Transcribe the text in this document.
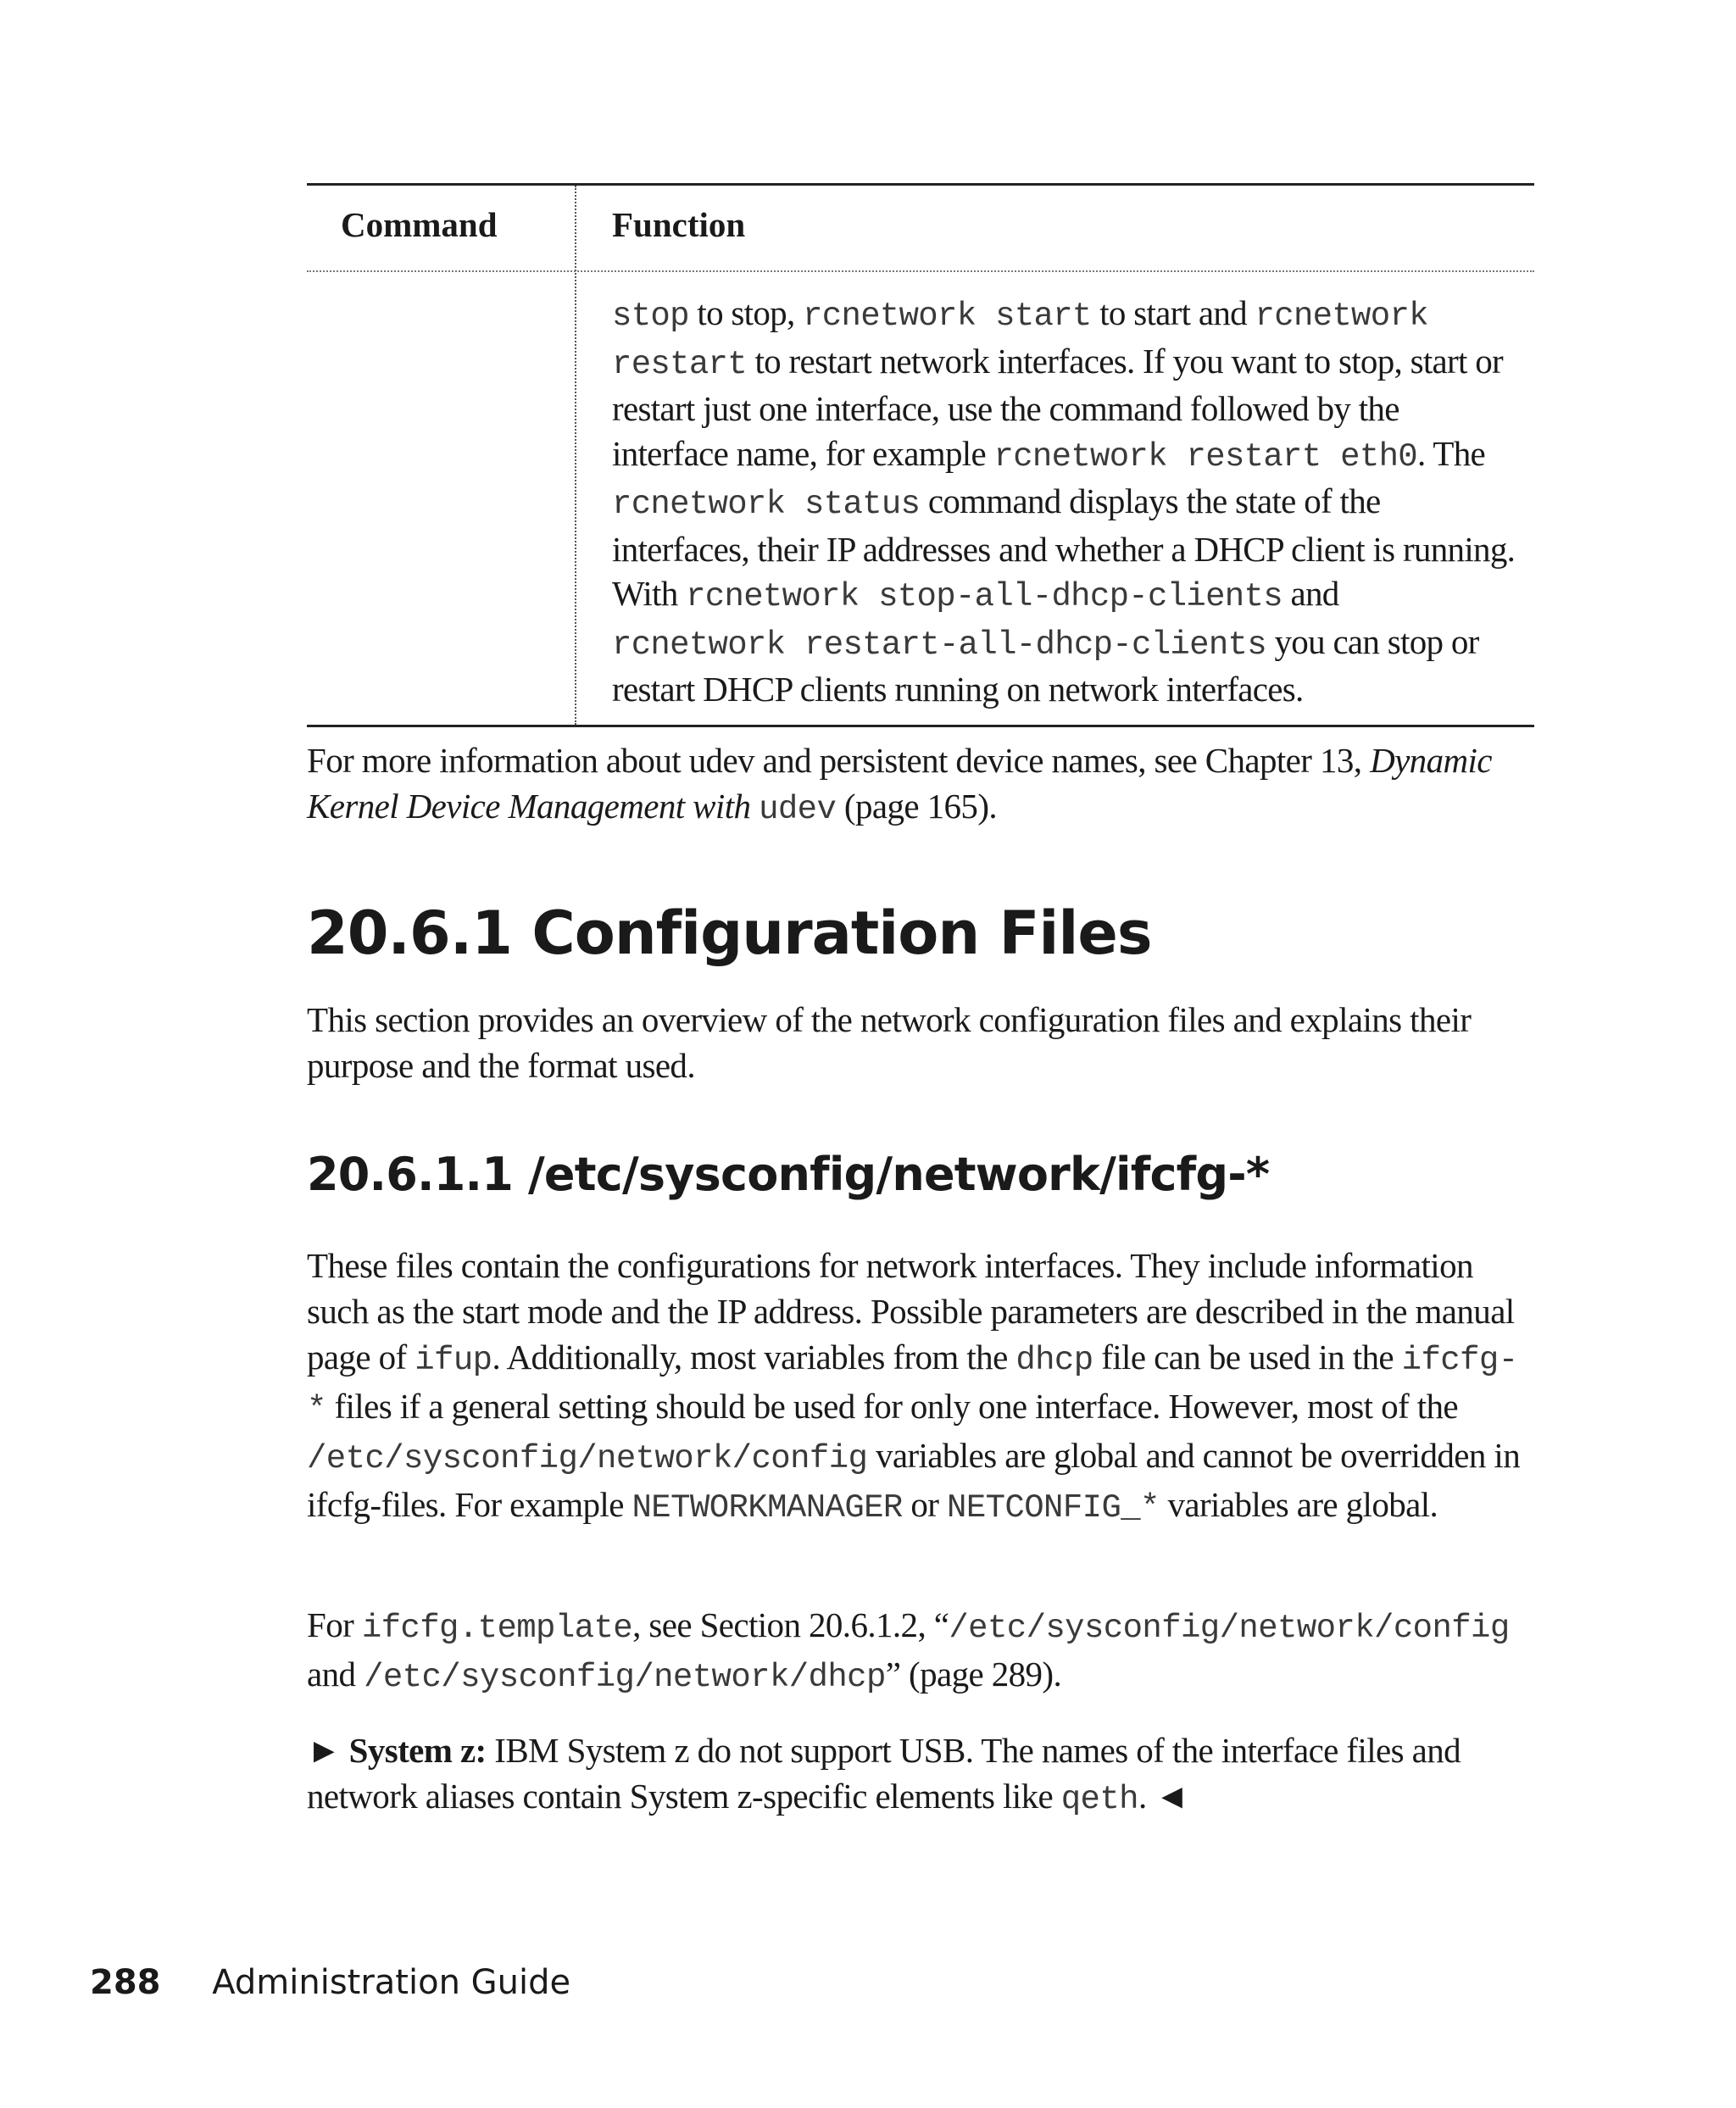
Command	Function
stop to stop, rcnetwork start to start and rcnetwork restart to restart network interfaces. If you want to stop, start or restart just one interface, use the command followed by the interface name, for example rcnetwork restart eth0. The rcnetwork status command displays the state of the interfaces, their IP addresses and whether a DHCP client is running. With rcnetwork stop-all-dhcp-clients and rcnetwork restart-all-dhcp-clients you can stop or restart DHCP clients running on network interfaces.

For more information about udev and persistent device names, see Chapter 13, Dynamic Kernel Device Management with udev (page 165).

20.6.1 Configuration Files

This section provides an overview of the network configuration files and explains their purpose and the format used.

20.6.1.1 /etc/sysconfig/network/ifcfg-*

These files contain the configurations for network interfaces. They include information such as the start mode and the IP address. Possible parameters are described in the manual page of ifup. Additionally, most variables from the dhcp file can be used in the ifcfg-* files if a general setting should be used for only one interface. However, most of the /etc/sysconfig/network/config variables are global and cannot be overridden in ifcfg-files. For example NETWORKMANAGER or NETCONFIG_* variables are global.

For ifcfg.template, see Section 20.6.1.2, “/etc/sysconfig/network/config and /etc/sysconfig/network/dhcp” (page 289).

► System z: IBM System z do not support USB. The names of the interface files and network aliases contain System z-specific elements like qeth. ◄

288 Administration Guide
